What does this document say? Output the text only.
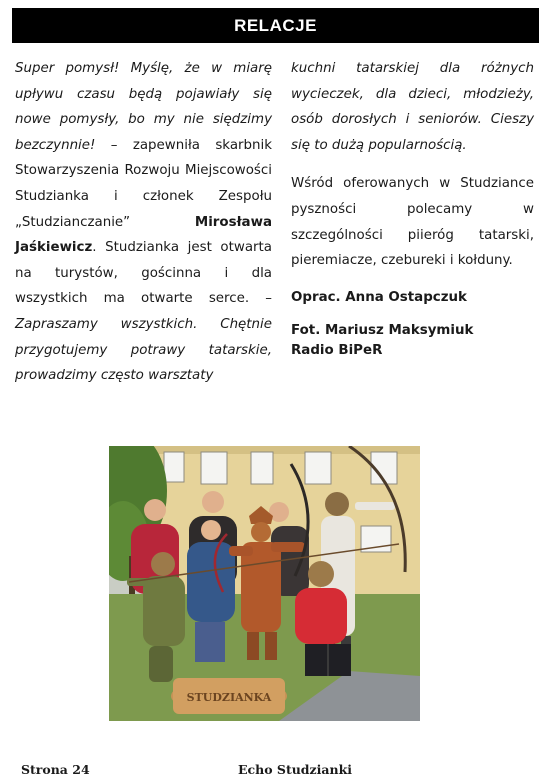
RELACJE

Super pomysł! Myślę, że w miarę upływu czasu będą pojawiały się nowe pomysły, bo my nie siędzimy bezczynnie! – zapewniła skarbnik Stowarzyszenia Rozwoju Miejscowości Studzianka i członek Zespołu „Studzianczanie”	Mirosława Jaśkiewicz. Studzianka jest otwarta na turystów, gościnna i dla wszystkich ma otwarte serce. – Zapraszamy wszystkich. Chętnie przygotujemy potrawy tatarskie, prowadzimy często warsztaty

kuchni tatarskiej dla różnych wycieczek, dla dzieci, młodzieży, osób dorosłych i seniorów. Cieszy się to dużą popularnością.

Wśród oferowanych w Studziance pyszności polecamy w szczególności piieróg tatarski, pieremiacze, czebureki i kołduny.

Oprac. Anna Ostapczuk

Fot. Mariusz Maksymiuk

Radio BiPeR

STUDZIANKA
Strona 24	Echo Studzianki
